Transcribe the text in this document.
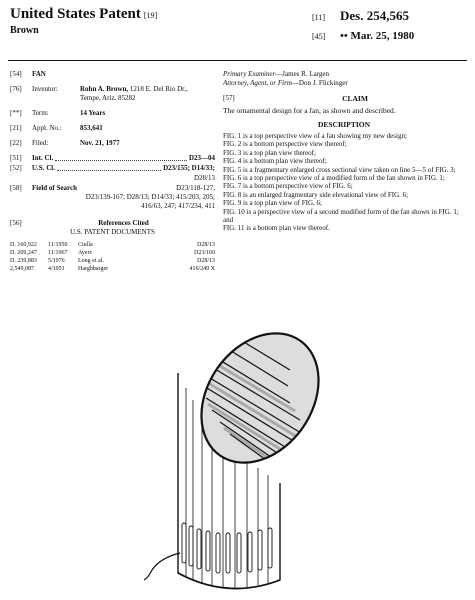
United States Patent [19]
Brown
[11] Des. 254,565
[45] •• Mar. 25, 1980
[54]	FAN
[76]	Inventor:	Rohn A. Brown, 1218 E. Del Rio Dr.,
Tempe, Ariz. 85282
[**]	Term:	14 Years
[21]	Appl. No.:	853,641
[22]	Filed:	Nov. 21, 1977
[51]	Int. Cl.	D23—04
[52]	U.S. Cl.	D23/155; D14/33;
D28/13
[58]	Field of Search	D23/118-127,
D23/139-167; D28/13; D14/33; 415/203, 205;
416/63, 247; 417/234, 411
[56]	References Cited
U.S. PATENT DOCUMENTS
D. 160,922	11/1950	Ciulla	D28/13
D. 209,247	11/1967	Ayers	D23/160
D. 239,883	5/1976	Long et al.	D28/13
2,549,087	4/1951	Harghbarger	416/249 X
Primary Examiner—James R. Largen
Attorney, Agent, or Firm—Don J. Flickinger
[57]	CLAIM
The ornamental design for a fan, as shown and described.
DESCRIPTION
FIG. 1 is a top perspective view of a fan showing my new design;
FIG. 2 is a bottom perspective view thereof;
FIG. 3 is a top plan view thereof;
FIG. 4 is a bottom plan view thereof;
FIG. 5 is a fragmentary enlarged cross sectional view taken on line 5—5 of FIG. 3;
FIG. 6 is a top perspective view of a modified form of the fan shown in FIG. 1;
FIG. 7 is a bottom perspective view of FIG. 6;
FIG. 8 is an enlarged fragmentary side elevational view of FIG. 6;
FIG. 9 is a top plan view of FIG. 6;
FIG. 10 is a perspective view of a second modified form of the fan shown in FIG. 1; and
FIG. 11 is a bottom plan view thereof.
